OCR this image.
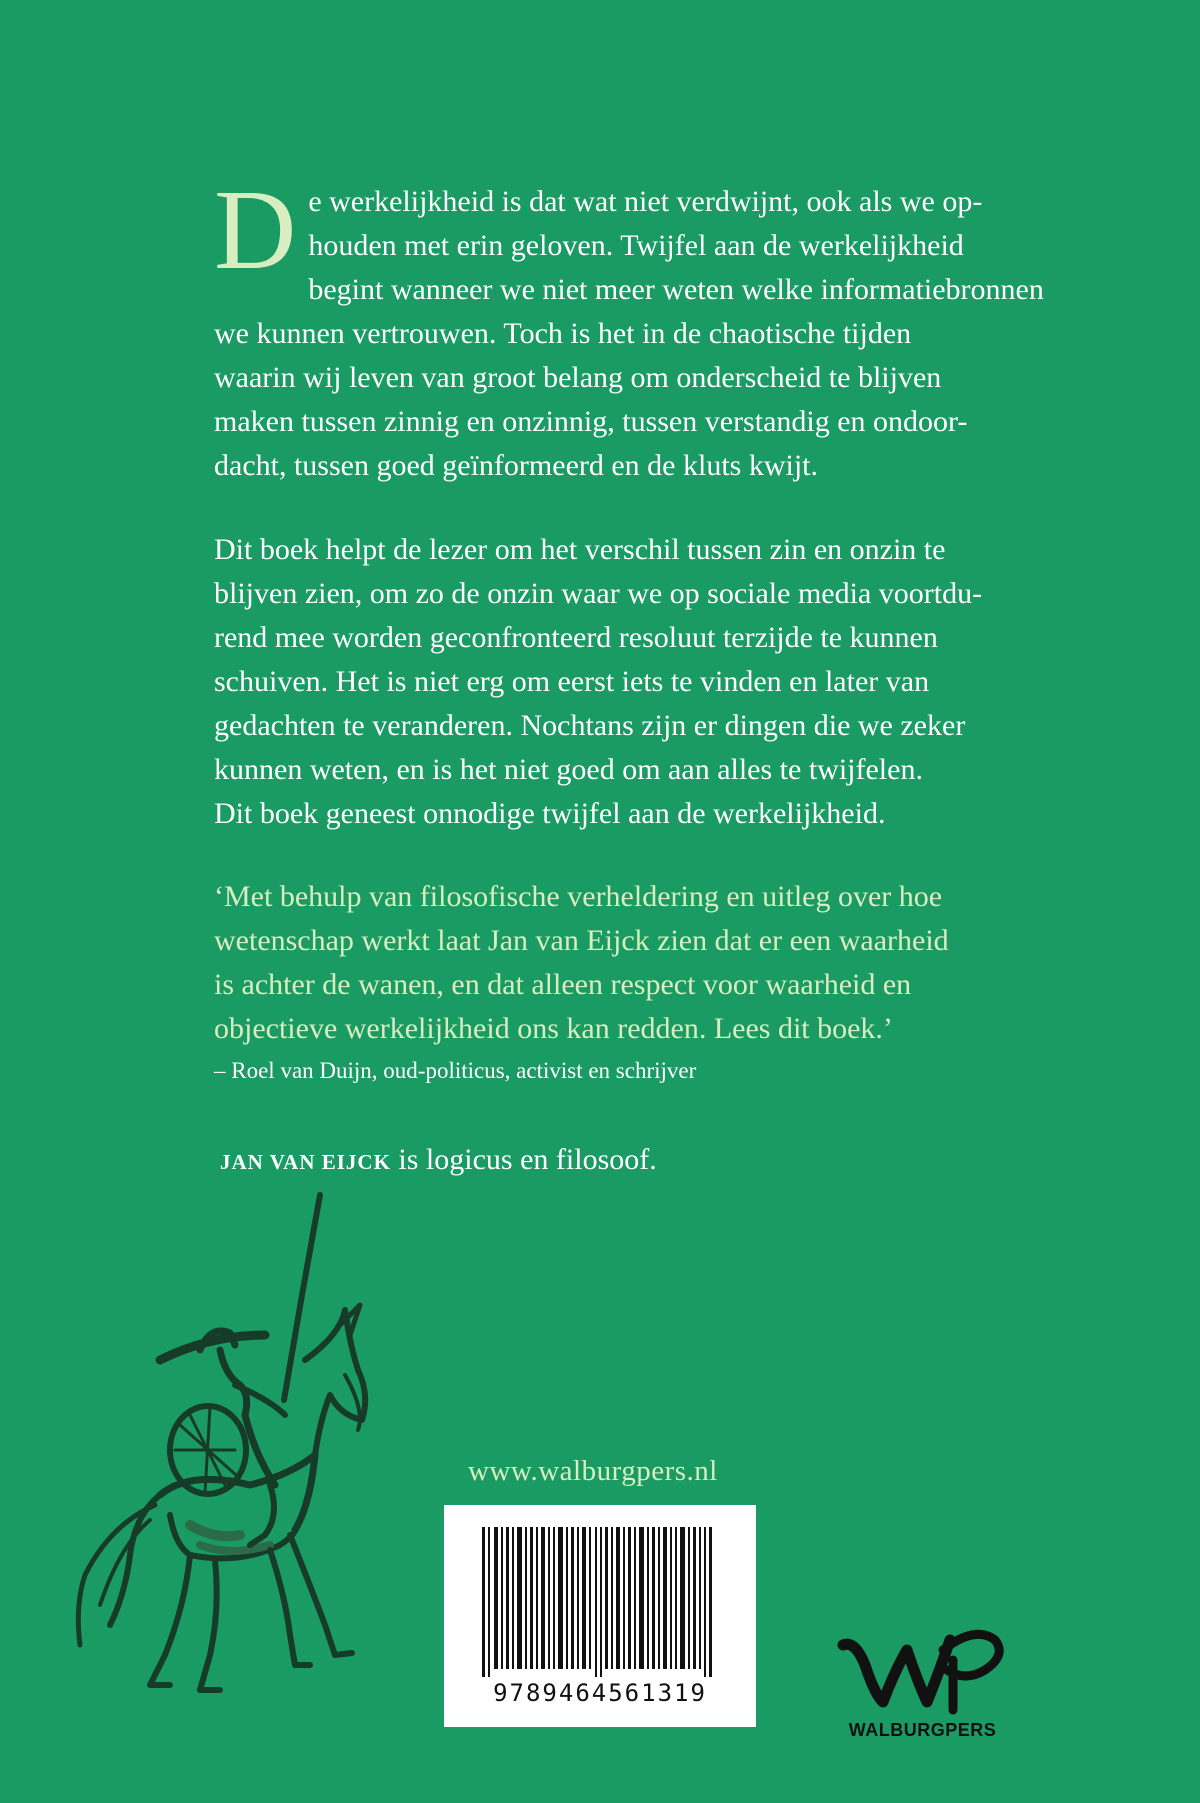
D e werkelijkheid is dat wat niet verdwijnt, ook als we op-
houden met erin geloven. Twijfel aan de werkelijkheid
begint wanneer we niet meer weten welke informatiebronnen
we kunnen vertrouwen. Toch is het in de chaotische tijden
waarin wij leven van groot belang om onderscheid te blijven
maken tussen zinnig en onzinnig, tussen verstandig en ondoor-
dacht, tussen goed geïnformeerd en de kluts kwijt.
Dit boek helpt de lezer om het verschil tussen zin en onzin te
blijven zien, om zo de onzin waar we op sociale media voortdu-
rend mee worden geconfronteerd resoluut terzijde te kunnen
schuiven. Het is niet erg om eerst iets te vinden en later van
gedachten te veranderen. Nochtans zijn er dingen die we zeker
kunnen weten, en is het niet goed om aan alles te twijfelen.
Dit boek geneest onnodige twijfel aan de werkelijkheid.
‘Met behulp van filosofische verheldering en uitleg over hoe
wetenschap werkt laat Jan van Eijck zien dat er een waarheid
is achter de wanen, en dat alleen respect voor waarheid en
objectieve werkelijkheid ons kan redden. Lees dit boek.’
– Roel van Duijn, oud-politicus, activist en schrijver
JAN VAN EIJCK is logicus en filosoof.
www.walburgpers.nl
9789464561319
WALBURGPERS
